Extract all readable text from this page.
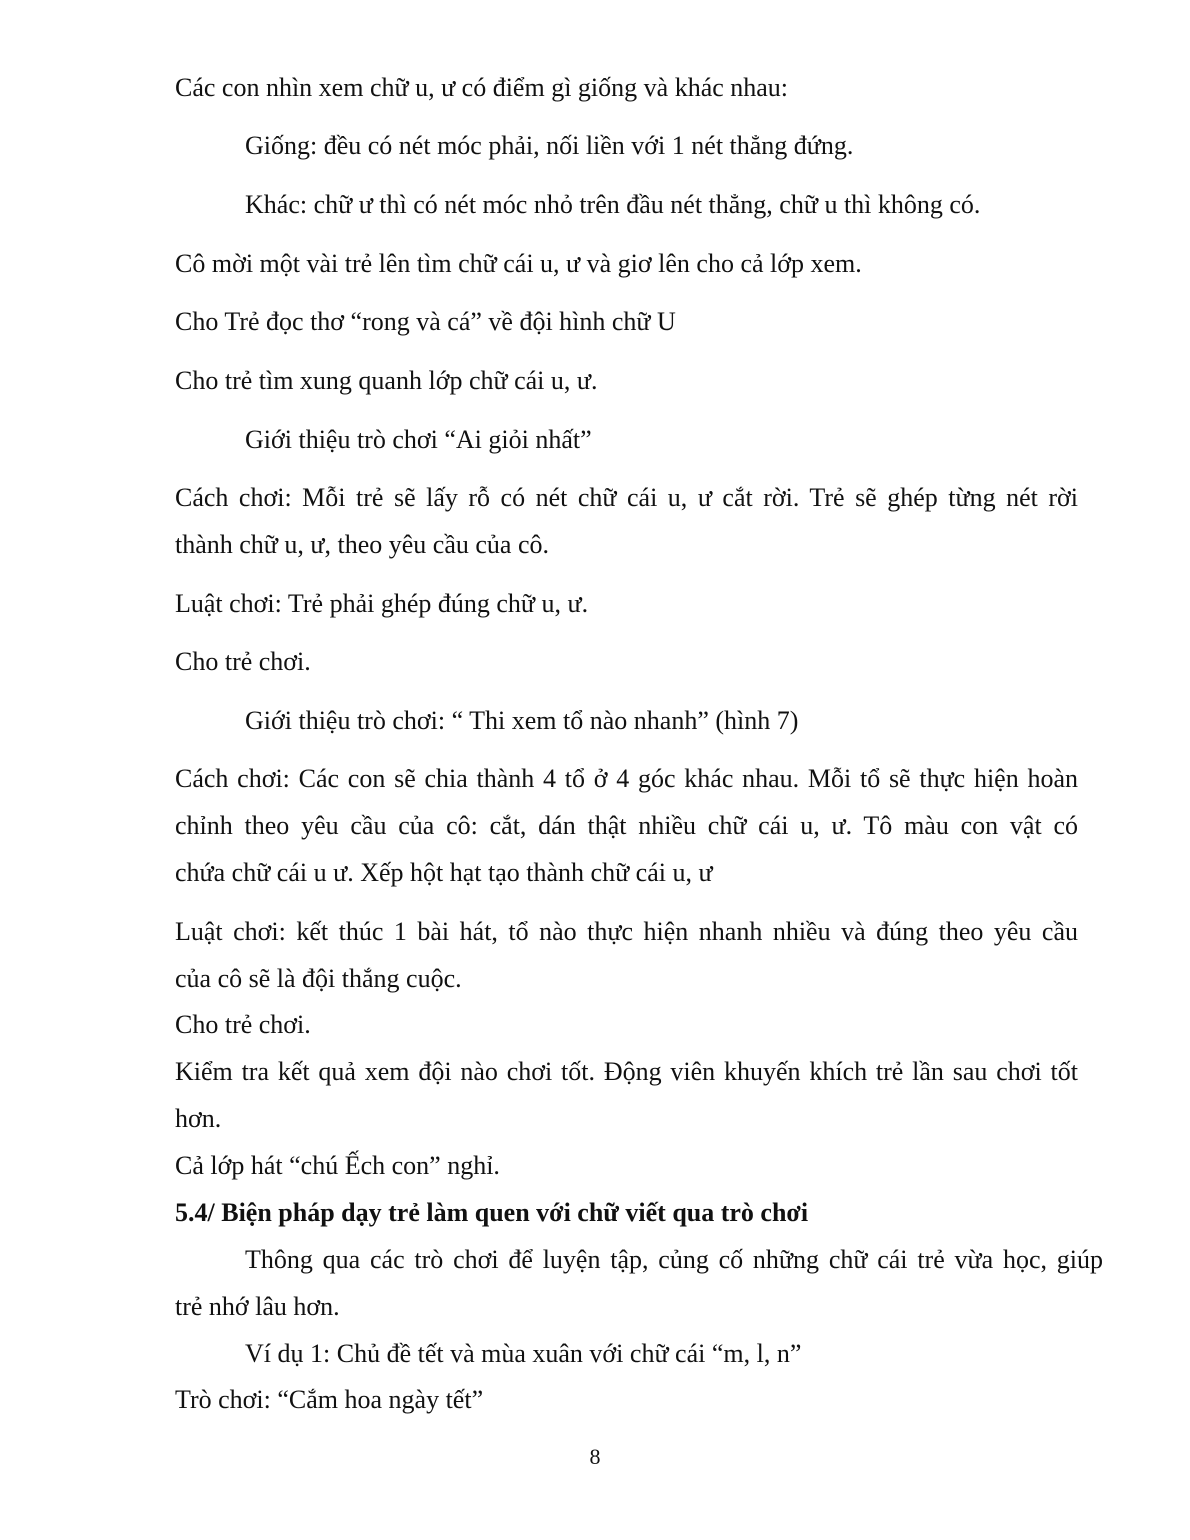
Các con nhìn xem chữ u, ư có điểm gì giống và khác nhau:

Giống: đều có nét móc phải, nối liền với 1 nét thẳng đứng.

Khác: chữ ư thì có nét móc nhỏ trên đầu nét thẳng, chữ u thì không có.

Cô mời một vài trẻ lên tìm chữ cái u, ư và giơ lên cho cả lớp xem.

Cho Trẻ đọc thơ “rong và cá” về đội hình chữ U

Cho trẻ tìm xung quanh lớp chữ cái u, ư.

Giới thiệu trò chơi “Ai giỏi nhất”

Cách chơi: Mỗi trẻ sẽ lấy rỗ có nét chữ cái u, ư cắt rời. Trẻ sẽ ghép từng nét rời

thành chữ u, ư, theo yêu cầu của cô.

Luật chơi: Trẻ phải ghép đúng chữ u, ư.

Cho trẻ chơi.

Giới thiệu trò chơi: “ Thi xem tổ nào nhanh” (hình 7)

Cách chơi: Các con sẽ chia thành 4 tổ ở 4 góc khác nhau. Mỗi tổ sẽ thực hiện hoàn

chỉnh theo yêu cầu của cô: cắt, dán thật nhiều chữ cái u, ư. Tô màu con vật có

chứa chữ cái u ư. Xếp hột hạt tạo thành chữ cái u, ư

Luật chơi: kết thúc 1 bài hát, tổ nào thực hiện nhanh nhiều và đúng theo yêu cầu

của cô sẽ là đội thắng cuộc.

Cho trẻ chơi.

Kiểm tra kết quả xem đội nào chơi tốt. Động viên khuyến khích trẻ lần sau chơi tốt

hơn.

Cả lớp hát “chú Ếch con” nghỉ.

5.4/ Biện pháp dạy trẻ làm quen với chữ viết qua trò chơi

Thông qua các trò chơi để luyện tập, củng cố những chữ cái trẻ vừa học, giúp

trẻ nhớ lâu hơn.

Ví dụ 1: Chủ đề tết và mùa xuân với chữ cái “m, l, n”

Trò chơi: “Cắm hoa ngày tết”

8
